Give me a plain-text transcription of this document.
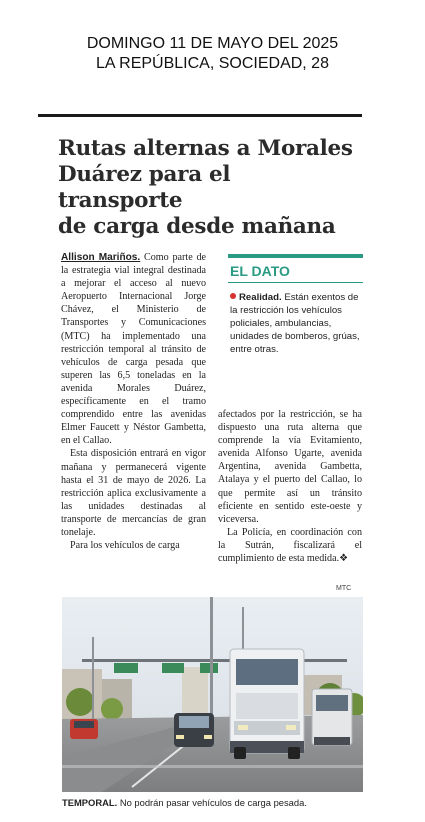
DOMINGO 11 DE MAYO DEL 2025
LA REPÚBLICA, SOCIEDAD, 28
Rutas alternas a Morales
Duárez para el transporte
de carga desde mañana

Allison Mariños. Como parte de la estrategia vial integral destinada a mejorar el acceso al nuevo Aeropuerto Internacional Jorge Chávez, el Ministerio de Transportes y Comunicaciones (MTC) ha implementado una restricción temporal al tránsito de vehículos de carga pesada que superen las 6,5 toneladas en la avenida Morales Duárez, específicamente en el tramo comprendido entre las avenidas Elmer Faucett y Néstor Gambetta, en el Callao.

Esta disposición entrará en vigor mañana y permanecerá vigente hasta el 31 de mayo de 2026. La restricción aplica exclusivamente a las unidades destinadas al transporte de mercancías de gran tonelaje.

Para los vehículos de carga

EL DATO
Realidad. Están exentos de la restricción los vehículos policiales, ambulancias, unidades de bomberos, grúas, entre otras.

afectados por la restricción, se ha dispuesto una ruta alterna que comprende la vía Evitamiento, avenida Alfonso Ugarte, avenida Argentina, avenida Gambetta, Atalaya y el puerto del Callao, lo que permite así un tránsito eficiente en sentido este-oeste y viceversa.

La Policía, en coordinación con la Sutrán, fiscalizará el cumplimiento de esta medida.❖

MTC
TEMPORAL. No podrán pasar vehículos de carga pesada.
